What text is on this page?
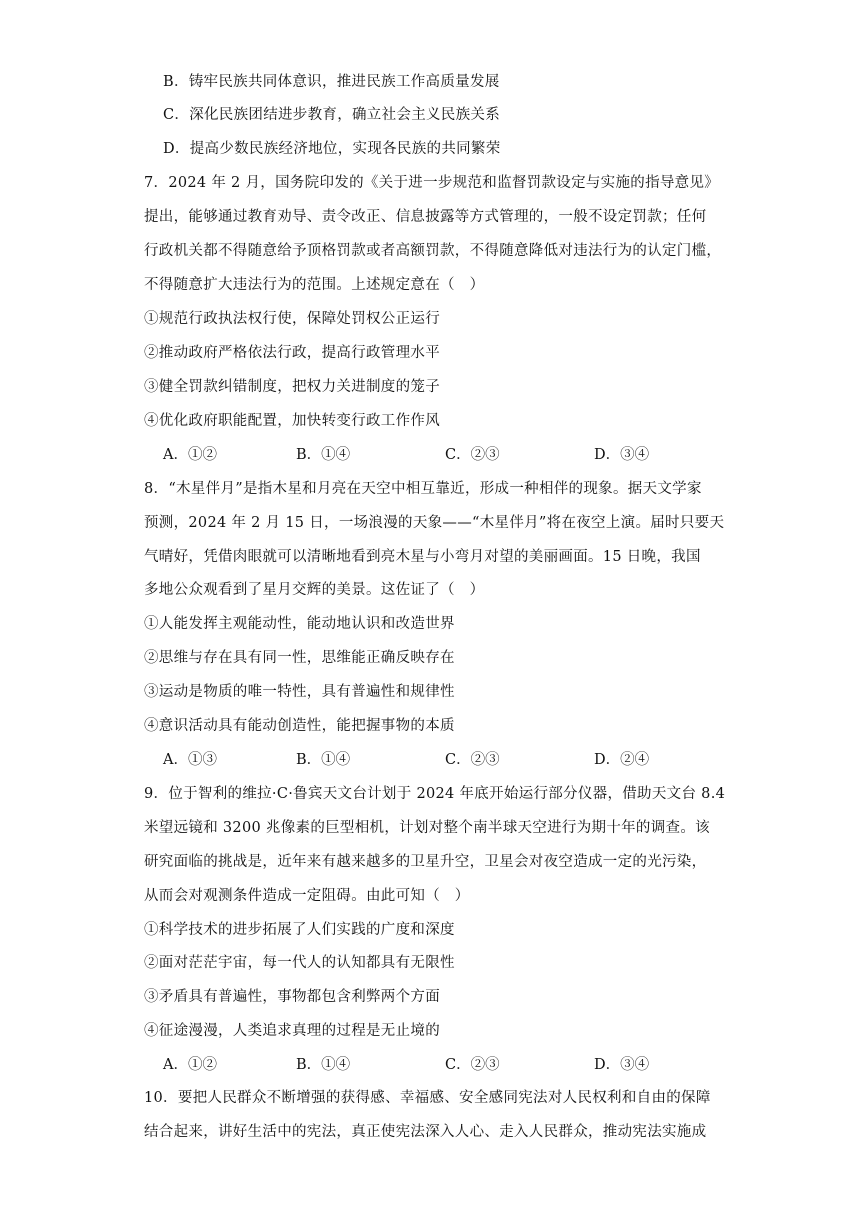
B．铸牢民族共同体意识，推进民族工作高质量发展
C．深化民族团结进步教育，确立社会主义民族关系
D．提高少数民族经济地位，实现各民族的共同繁荣
7．2024 年 2 月，国务院印发的《关于进一步规范和监督罚款设定与实施的指导意见》
提出，能够通过教育劝导、责令改正、信息披露等方式管理的，一般不设定罚款；任何
行政机关都不得随意给予顶格罚款或者高额罚款，不得随意降低对违法行为的认定门槛，
不得随意扩大违法行为的范围。上述规定意在（　）
①规范行政执法权行使，保障处罚权公正运行
②推动政府严格依法行政，提高行政管理水平
③健全罚款纠错制度，把权力关进制度的笼子
④优化政府职能配置，加快转变行政工作作风
A．①②	B．①④	C．②③	D．③④
8．“木星伴月”是指木星和月亮在天空中相互靠近，形成一种相伴的现象。据天文学家
预测，2024 年 2 月 15 日，一场浪漫的天象——“木星伴月”将在夜空上演。届时只要天
气晴好，凭借肉眼就可以清晰地看到亮木星与小弯月对望的美丽画面。15 日晚，我国
多地公众观看到了星月交辉的美景。这佐证了（　）
①人能发挥主观能动性，能动地认识和改造世界
②思维与存在具有同一性，思维能正确反映存在
③运动是物质的唯一特性，具有普遍性和规律性
④意识活动具有能动创造性，能把握事物的本质
A．①③	B．①④	C．②③	D．②④
9．位于智利的维拉·C·鲁宾天文台计划于 2024 年底开始运行部分仪器，借助天文台 8.4
米望远镜和 3200 兆像素的巨型相机，计划对整个南半球天空进行为期十年的调查。该
研究面临的挑战是，近年来有越来越多的卫星升空，卫星会对夜空造成一定的光污染，
从而会对观测条件造成一定阻碍。由此可知（　）
①科学技术的进步拓展了人们实践的广度和深度
②面对茫茫宇宙，每一代人的认知都具有无限性
③矛盾具有普遍性，事物都包含利弊两个方面
④征途漫漫，人类追求真理的过程是无止境的
A．①②	B．①④	C．②③	D．③④
10．要把人民群众不断增强的获得感、幸福感、安全感同宪法对人民权利和自由的保障
结合起来，讲好生活中的宪法，真正使宪法深入人心、走入人民群众，推动宪法实施成
